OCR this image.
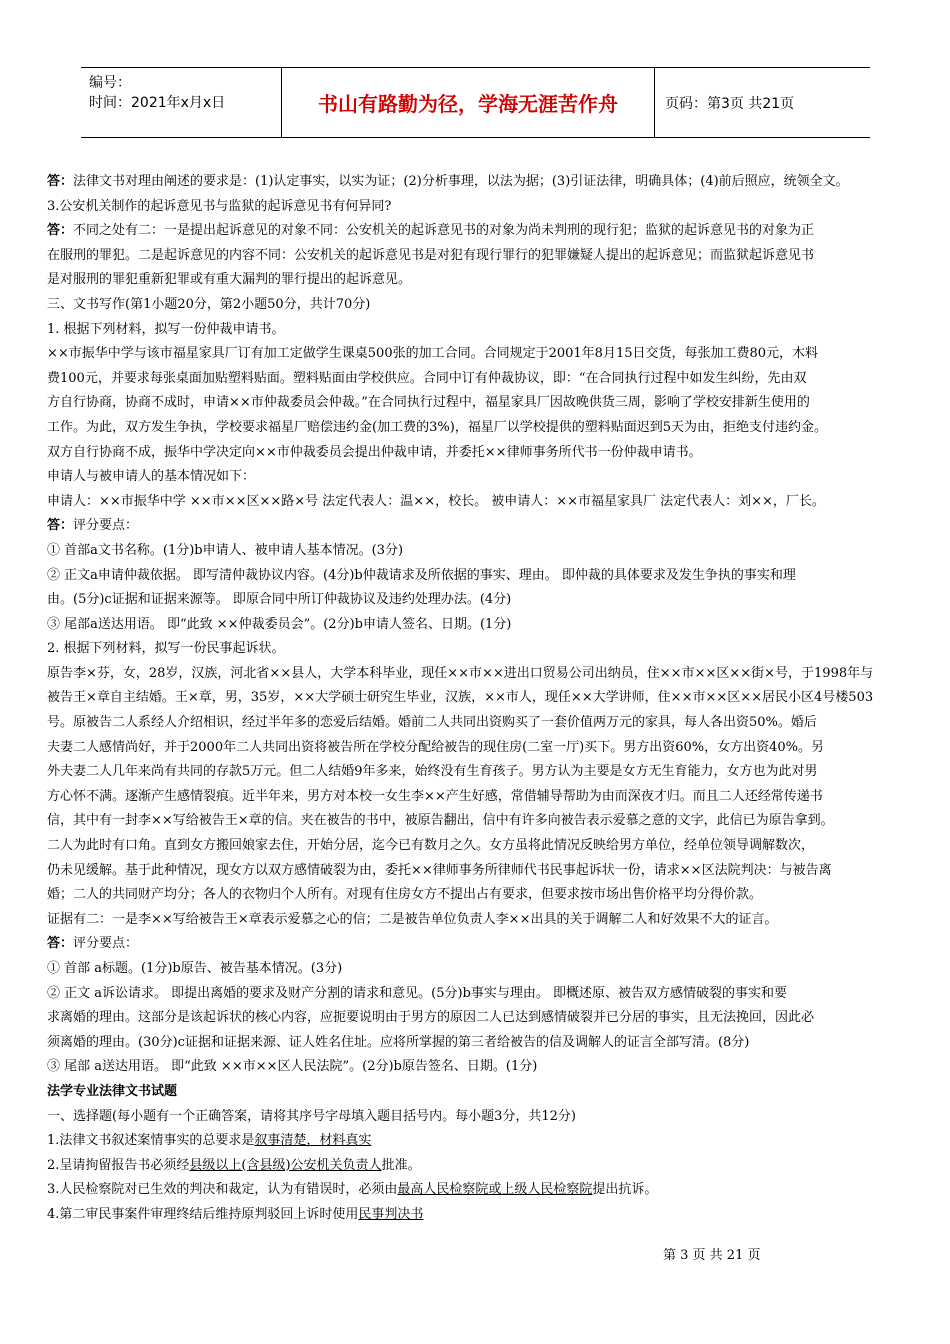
编号：
时间：2021年x月x日	书山有路勤为径，学海无涯苦作舟	页码：第3页 共21页

答：法律文书对理由阐述的要求是：(1)认定事实，以实为证；(2)分析事理，以法为据；(3)引证法律，明确具体；(4)前后照应，统领全文。

3.公安机关制作的起诉意见书与监狱的起诉意见书有何异同?

答：不同之处有二：一是提出起诉意见的对象不同：公安机关的起诉意见书的对象为尚未判刑的现行犯；监狱的起诉意见书的对象为正

在服刑的罪犯。二是起诉意见的内容不同：公安机关的起诉意见书是对犯有现行罪行的犯罪嫌疑人提出的起诉意见；而监狱起诉意见书

是对服刑的罪犯重新犯罪或有重大漏判的罪行提出的起诉意见。

三、文书写作(第1小题20分，第2小题50分，共计70分)

1. 根据下列材料，拟写一份仲裁申请书。

××市振华中学与该市福星家具厂订有加工定做学生课桌500张的加工合同。合同规定于2001年8月15日交货，每张加工费80元，木料

费100元，并要求每张桌面加贴塑料贴面。塑料贴面由学校供应。合同中订有仲裁协议，即：“在合同执行过程中如发生纠纷，先由双

方自行协商，协商不成时，申请××市仲裁委员会仲裁。”在合同执行过程中，福星家具厂因故晚供货三周，影响了学校安排新生使用的

工作。为此，双方发生争执，学校要求福星厂赔偿违约金(加工费的3%)，福星厂以学校提供的塑料贴面迟到5天为由，拒绝支付违约金。

双方自行协商不成，振华中学决定向××市仲裁委员会提出仲裁申请，并委托××律师事务所代书一份仲裁申请书。

申请人与被申请人的基本情况如下：

申请人：××市振华中学 ××市××区××路×号 法定代表人：温××，校长。 被申请人：××市福星家具厂 法定代表人：刘××，厂长。

答：评分要点：

① 首部a文书名称。(1分)b申请人、被申请人基本情况。(3分)

② 正文a申请仲裁依据。 即写清仲裁协议内容。(4分)b仲裁请求及所依据的事实、理由。 即仲裁的具体要求及发生争执的事实和理

由。(5分)c证据和证据来源等。 即原合同中所订仲裁协议及违约处理办法。(4分)

③ 尾部a送达用语。 即“此致 ××仲裁委员会”。(2分)b申请人签名、日期。(1分)

2. 根据下列材料，拟写一份民事起诉状。

原告李×芬，女，28岁，汉族，河北省××县人，大学本科毕业，现任××市××进出口贸易公司出纳员，住××市××区××街×号，于1998年与

被告王×章自主结婚。王×章，男，35岁，××大学硕士研究生毕业，汉族，××市人，现任××大学讲师，住××市××区××居民小区4号楼503

号。原被告二人系经人介绍相识，经过半年多的恋爱后结婚。婚前二人共同出资购买了一套价值两万元的家具，每人各出资50%。婚后

夫妻二人感情尚好，并于2000年二人共同出资将被告所在学校分配给被告的现住房(二室一厅)买下。男方出资60%，女方出资40%。另

外夫妻二人几年来尚有共同的存款5万元。但二人结婚9年多来，始终没有生育孩子。男方认为主要是女方无生育能力，女方也为此对男

方心怀不满。逐渐产生感情裂痕。近半年来，男方对本校一女生李××产生好感，常借辅导帮助为由而深夜才归。而且二人还经常传递书

信，其中有一封李××写给被告王×章的信。夹在被告的书中，被原告翻出，信中有许多向被告表示爱慕之意的文字，此信已为原告拿到。

二人为此时有口角。直到女方搬回娘家去住，开始分居，迄今已有数月之久。女方虽将此情况反映给男方单位，经单位领导调解数次，

仍未见缓解。基于此种情况，现女方以双方感情破裂为由，委托××律师事务所律师代书民事起诉状一份，请求××区法院判决：与被告离

婚；二人的共同财产均分；各人的衣物归个人所有。对现有住房女方不提出占有要求，但要求按市场出售价格平均分得价款。

证据有二：一是李××写给被告王×章表示爱慕之心的信；二是被告单位负责人李××出具的关于调解二人和好效果不大的证言。

答：评分要点：

① 首部 a标题。(1分)b原告、被告基本情况。(3分)

② 正文 a诉讼请求。 即提出离婚的要求及财产分割的请求和意见。(5分)b事实与理由。 即概述原、被告双方感情破裂的事实和要

求离婚的理由。这部分是该起诉状的核心内容，应扼要说明由于男方的原因二人已达到感情破裂并已分居的事实，且无法挽回，因此必

须离婚的理由。(30分)c证据和证据来源、证人姓名住址。应将所掌握的第三者给被告的信及调解人的证言全部写清。(8分)

③ 尾部 a送达用语。 即“此致 ××市××区人民法院”。(2分)b原告签名、日期。(1分)

法学专业法律文书试题

一、选择题(每小题有一个正确答案，请将其序号字母填入题目括号内。每小题3分，共12分)

1.法律文书叙述案情事实的总要求是叙事清楚，材料真实

2.呈请拘留报告书必须经县级以上(含县级)公安机关负责人批准。

3.人民检察院对已生效的判决和裁定，认为有错误时，必须由最高人民检察院或上级人民检察院提出抗诉。

4.第二审民事案件审理终结后维持原判驳回上诉时使用民事判决书

第 3 页 共 21 页
